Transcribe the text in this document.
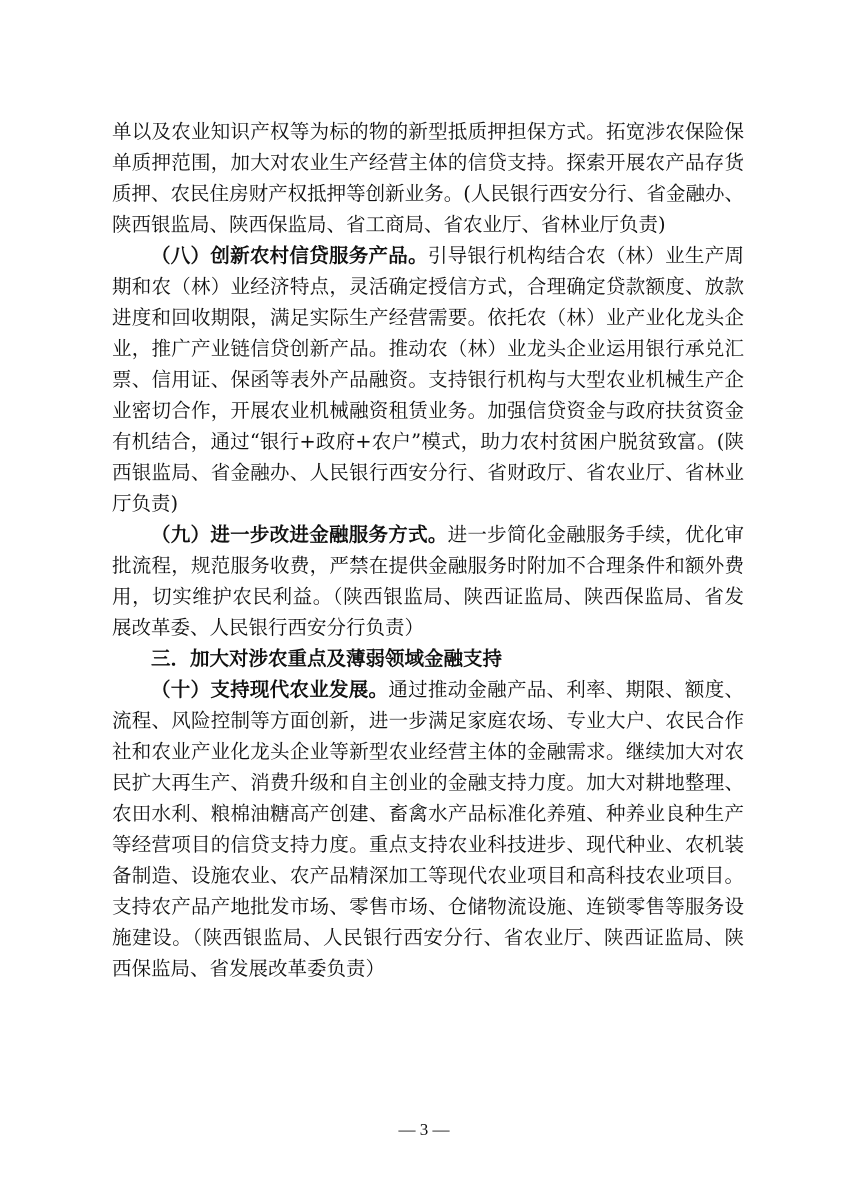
单以及农业知识产权等为标的物的新型抵质押担保方式。拓宽涉农保险保单质押范围，加大对农业生产经营主体的信贷支持。探索开展农产品存货质押、农民住房财产权抵押等创新业务。(人民银行西安分行、省金融办、陕西银监局、陕西保监局、省工商局、省农业厅、省林业厅负责)

（八）创新农村信贷服务产品。引导银行机构结合农（林）业生产周期和农（林）业经济特点，灵活确定授信方式，合理确定贷款额度、放款进度和回收期限，满足实际生产经营需要。依托农（林）业产业化龙头企业，推广产业链信贷创新产品。推动农（林）业龙头企业运用银行承兑汇票、信用证、保函等表外产品融资。支持银行机构与大型农业机械生产企业密切合作，开展农业机械融资租赁业务。加强信贷资金与政府扶贫资金有机结合，通过“银行+政府+农户”模式，助力农村贫困户脱贫致富。(陕西银监局、省金融办、人民银行西安分行、省财政厅、省农业厅、省林业厅负责)

（九）进一步改进金融服务方式。进一步简化金融服务手续，优化审批流程，规范服务收费，严禁在提供金融服务时附加不合理条件和额外费用，切实维护农民利益。（陕西银监局、陕西证监局、陕西保监局、省发展改革委、人民银行西安分行负责）

三．加大对涉农重点及薄弱领域金融支持

（十）支持现代农业发展。通过推动金融产品、利率、期限、额度、流程、风险控制等方面创新，进一步满足家庭农场、专业大户、农民合作社和农业产业化龙头企业等新型农业经营主体的金融需求。继续加大对农民扩大再生产、消费升级和自主创业的金融支持力度。加大对耕地整理、农田水利、粮棉油糖高产创建、畜禽水产品标准化养殖、种养业良种生产等经营项目的信贷支持力度。重点支持农业科技进步、现代种业、农机装备制造、设施农业、农产品精深加工等现代农业项目和高科技农业项目。支持农产品产地批发市场、零售市场、仓储物流设施、连锁零售等服务设施建设。（陕西银监局、人民银行西安分行、省农业厅、陕西证监局、陕西保监局、省发展改革委负责）

— 3 —
